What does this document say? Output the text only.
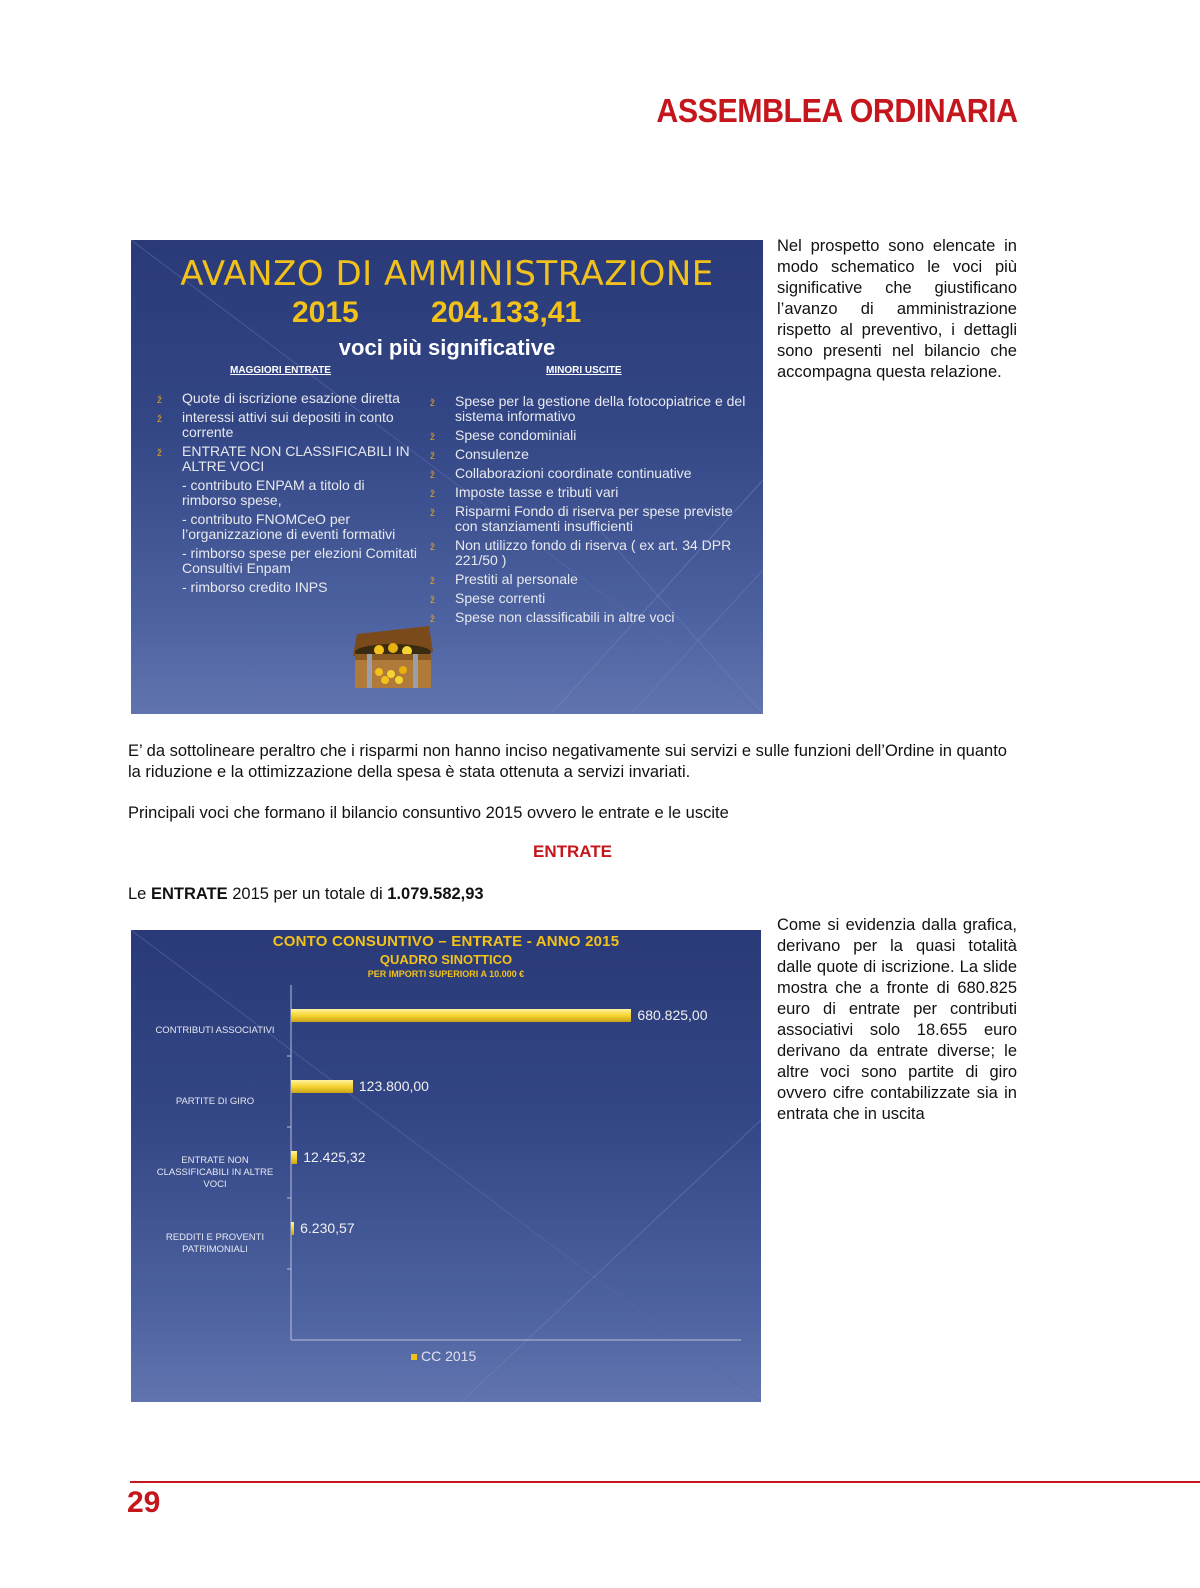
ASSEMBLEA ORDINARIA
AVANZO DI AMMINISTRAZIONE
2015 204.133,41
voci più significative
MAGGIORI ENTRATE	MINORI USCITE
ž Quote di iscrizione esazione diretta
ž interessi attivi sui depositi in conto corrente
ž ENTRATE NON CLASSIFICABILI IN ALTRE VOCI
- contributo ENPAM a titolo di rimborso spese,
- contributo FNOMCeO per l’organizzazione di eventi formativi
- rimborso spese per elezioni Comitati Consultivi Enpam
- rimborso credito INPS
ž Spese per la gestione della fotocopiatrice e del sistema informativo
ž Spese condominiali
ž Consulenze
ž Collaborazioni coordinate continuative
ž Imposte tasse e tributi vari
ž Risparmi Fondo di riserva per spese previste con stanziamenti insufficienti
ž Non utilizzo fondo di riserva ( ex art. 34 DPR 221/50 )
ž Prestiti al personale
ž Spese correnti
ž Spese non classificabili in altre voci
Nel prospetto sono elencate in modo schematico le voci più significative che giustificano l’avanzo di amministrazione rispetto al preventivo, i dettagli sono presenti nel bilancio che accompagna questa relazione.
E’ da sottolineare peraltro che i risparmi non hanno inciso negativamente sui servizi e sulle funzioni dell’Ordine in quanto la riduzione e la ottimizzazione della spesa è stata ottenuta a servizi invariati.
Principali voci che formano il bilancio consuntivo 2015 ovvero le entrate e le uscite
ENTRATE
Le ENTRATE 2015 per un totale di 1.079.582,93
CONTO CONSUNTIVO – ENTRATE - ANNO 2015
QUADRO SINOTTICO
PER IMPORTI SUPERIORI A 10.000 €
680.825,00
CONTRIBUTI ASSOCIATIVI
123.800,00
PARTITE DI GIRO
12.425,32
ENTRATE NON CLASSIFICABILI IN ALTRE VOCI
6.230,57
REDDITI E PROVENTI PATRIMONIALI
CC 2015
Come si evidenzia dalla grafica, derivano per la quasi totalità dalle quote di iscrizione. La slide mostra che a fronte di 680.825 euro di entrate per contributi associativi solo 18.655 euro derivano da entrate diverse; le altre voci sono partite di giro ovvero cifre contabilizzate sia in entrata che in uscita
29
